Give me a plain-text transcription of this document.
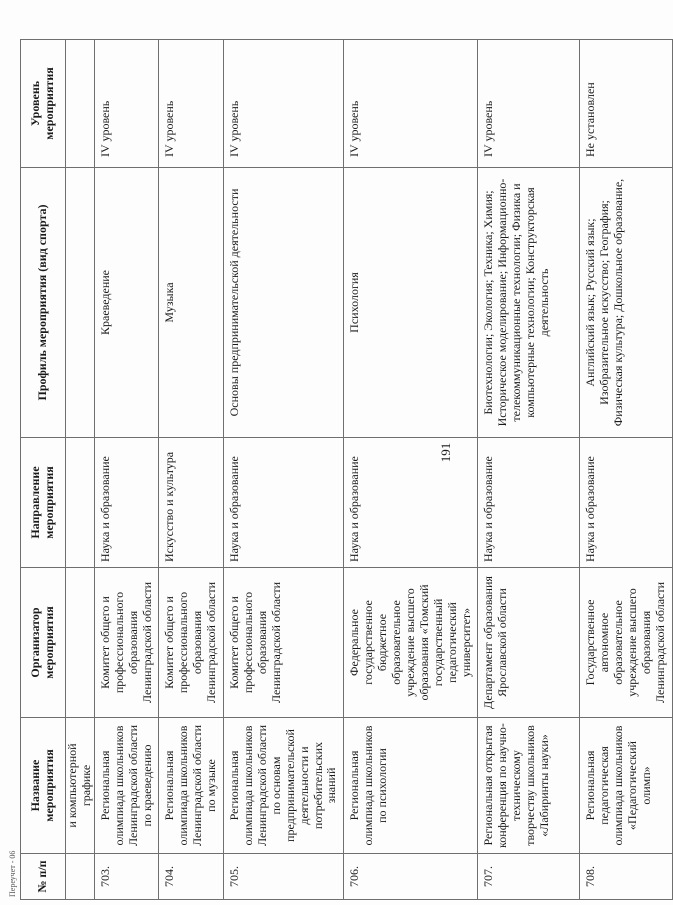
Переучет - 06 № п/п	Название мероприятия	Организатор мероприятия	Направление мероприятия	Профиль мероприятия (вид спорта)	Уровень мероприятия
	и компьютерной графике				
703.	Региональная олимпиада школьников Ленинградской области по краеведению	Комитет общего и профессионального образования Ленинградской области	Наука и образование	Краеведение	IV уровень
704.	Региональная олимпиада школьников Ленинградской области по музыке	Комитет общего и профессионального образования Ленинградской области	Искусство и культура	Музыка	IV уровень
705.	Региональная олимпиада школьников Ленинградской области по основам предпринимательской деятельности и потребительских знаний	Комитет общего и профессионального образования Ленинградской области	Наука и образование	Основы предпринимательской деятельности	IV уровень
706.	Региональная олимпиада школьников по психологии	Федеральное государственное бюджетное образовательное учреждение высшего образования «Томский государственный педагогический университет»	Наука и образование	Психология	IV уровень
707.	Региональная открытая конференция по научно-техническому творчеству школьников «Лабиринты науки»	Департамент образования Ярославской области	Наука и образование	Биотехнологии; Экология; Техника; Химия; Историческое моделирование; Информационно-телекоммуникационные технологии; Физика и компьютерные технологии; Конструкторская деятельность	IV уровень
708.	Региональная педагогическая олимпиада школьников «Педагогический олимп»	Государственное автономное образовательное учреждение высшего образования Ленинградской области	Наука и образование	Английский язык; Русский язык; Изобразительное искусство; География; Физическая культура; Дошкольное образование,	Не установлен
191
